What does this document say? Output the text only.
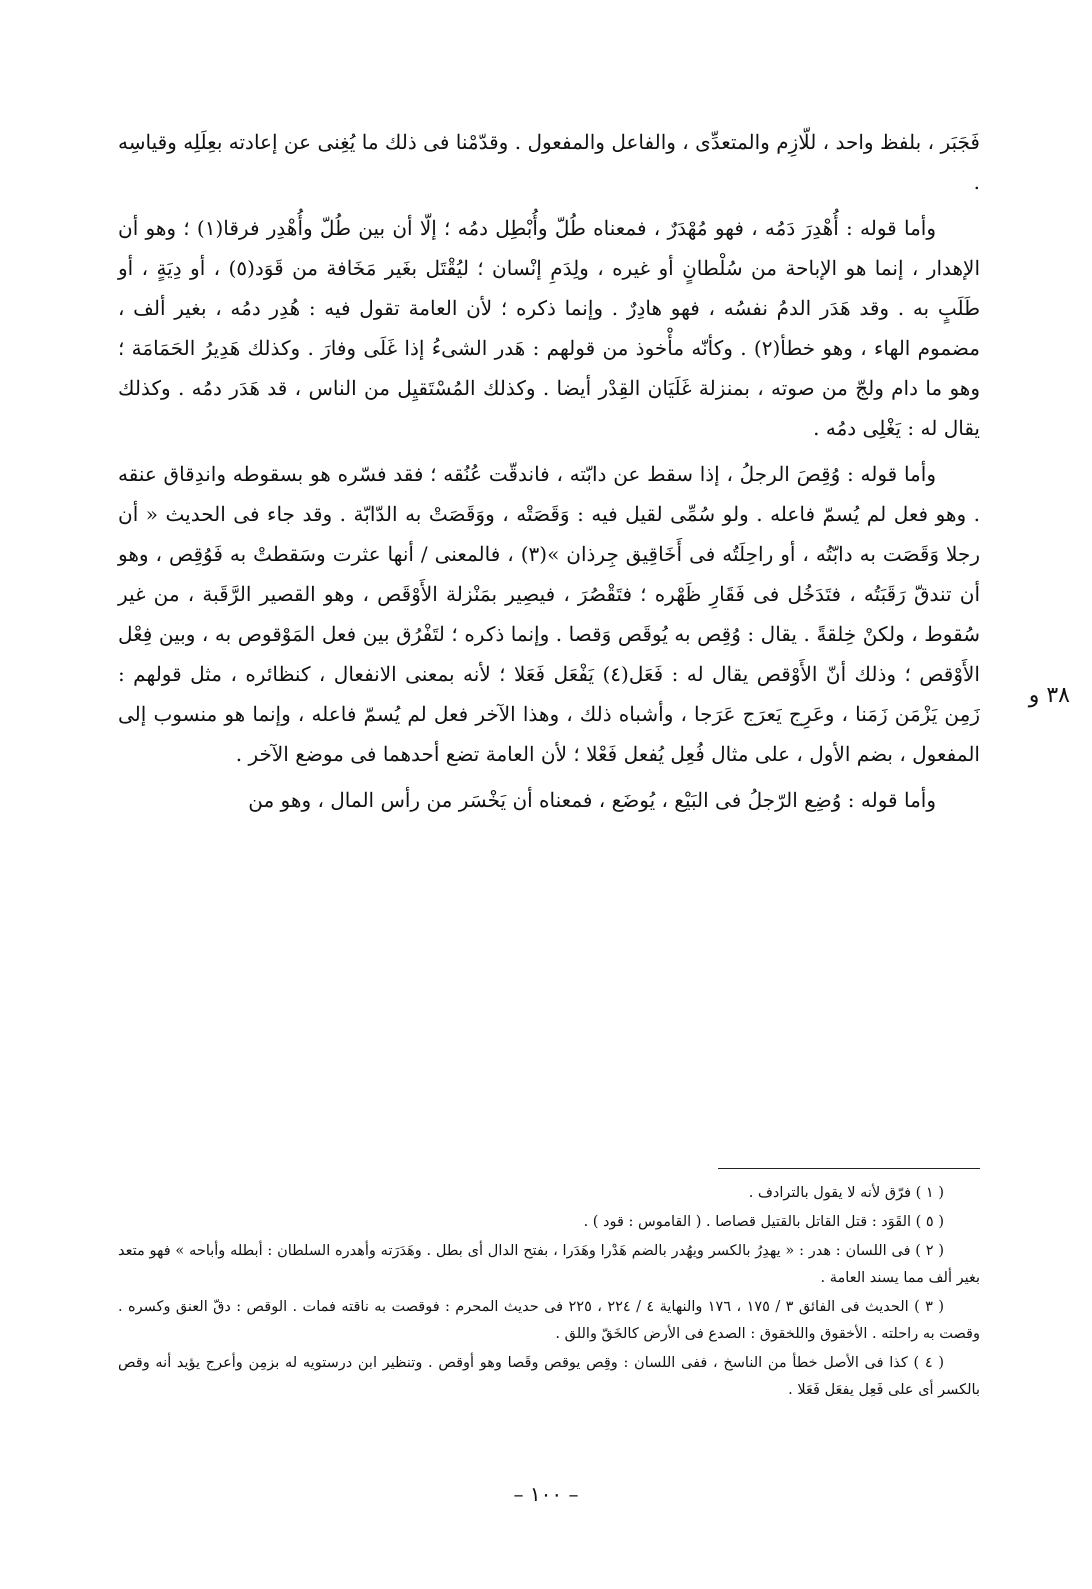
فَجَبَر ، بلفظ واحد ، للّازِم والمتعدِّى ، والفاعل والمفعول . وقدّمْنا فى ذلك ما يُغِنى عن إعادته بعِلَلِه وقياسِه .

وأما قوله : أُهْدِرَ دَمُه ، فهو مُهْدَرٌ ، فمعناه طُلّ وأُبْطِل دمُه ؛ إلّا أن بين طُلّ وأُهْدِر فرقا(١) ؛ وهو أن الإهدار ، إنما هو الإباحة من سُلْطانٍ أو غيره ، ولِدَمِ إنْسان ؛ ليُقْتَل بغَير مَخَافة من قَوَد(٥) ، أو دِيَةٍ ، أو طَلَبٍ به . وقد هَدَر الدمُ نفسُه ، فهو هادِرٌ . وإنما ذكره ؛ لأن العامة تقول فيه : هُدِر دمُه ، بغير ألف ، مضموم الهاء ، وهو خطأ(٢) . وكأنّه مأْخوذ من قولهم : هَدر الشىءُ إذا غَلَى وفارَ . وكذلك هَدِيرُ الحَمَامَة ؛ وهو ما دام ولجّ من صوته ، بمنزلة غَلَيَان القِدْر أيضا . وكذلك المُسْتَقيِل من الناس ، قد هَدَر دمُه . وكذلك يقال له : يَغْلِى دمُه .

وأما قوله : وُقِصَ الرجلُ ، إذا سقط عن دابّته ، فاندقّت عُنُقه ؛ فقد فسّره هو بسقوطه واندِقاق عنقه . وهو فعل لم يُسمّ فاعله . ولو سُمِّى لقيل فيه : وَقَصَتْه ، ووَقَصَتْ به الدّابّة . وقد جاء فى الحديث « أن رجلا وَقَصَت به دابّتُه ، أو راحِلَتُه فى أَخَاقِيق جِرذان »(٣) ، فالمعنى / أنها عثرت وسَقطتْ به فَوُقِص ، وهو أن تندقّ رَقَبَتُه ، فتَدَخُل فى فَقَارِ ظَهْره ؛ فتَقْصُرَ ، فيصِير بمَنْزلة الأَوْقَص ، وهو القصير الرَّقَبة ، من غير سُقوط ، ولكنْ خِلقةً . يقال : وُقِص به يُوقَص وَقصا . وإنما ذكره ؛ لتَفْرُق بين فعل المَوْقوص به ، وبين فِعْل الأَوْقص ؛ وذلك أنّ الأَوْقص يقال له : فَعَل(٤) يَفْعَل فَعَلا ؛ لأنه بمعنى الانفعال ، كنظائره ، مثل قولهم : زَمِن يَزْمَن زَمَنا ، وعَرِج يَعرَج عَرَجا ، وأشباه ذلك ، وهذا الآخر فعل لم يُسمّ فاعله ، وإنما هو منسوب إلى المفعول ، بضم الأول ، على مثال فُعِل يُفعل فَعْلا ؛ لأن العامة تضع أحدهما فى موضع الآخر .

وأما قوله : وُضِع الرّجلُ فى البَيْع ، يُوضَع ، فمعناه أن يَخْسَر من رأس المال ، وهو من

٣٨ و

( ١ ) فرّق لأنه لا يقول بالترادف .

( ٥ ) القَوَد : قتل القاتل بالقتيل قصاصا . ( القاموس : قود ) .

( ٢ ) فى اللسان : هدر : « يهدِرُ بالكسر ويهُدر بالضم هَدْرا وهَدَرا ، بفتح الدال أى بطل . وهَدَرَته وأهدره السلطان : أبطله وأباحه » فهو متعد بغير ألف مما يسند العامة .

( ٣ ) الحديث فى الفائق ٣ / ١٧٥ ، ١٧٦ والنهاية ٤ / ٢٢٤ ، ٢٢٥ فى حديث المحرم : فوقصت به ناقته فمات . الوقص : دقّ العنق وكسره . وقصت به راحلته . الأخقوق واللخقوق : الصدع فى الأرض كالخَقّ واللق .

( ٤ ) كذا فى الأصل خطأ من الناسخ ، ففى اللسان : وقِص يوقص وقَصا وهو أوقص . وتنظير ابن درستويه له بزمِن وأعرج يؤيد أنه وقص بالكسر أى على فَعِل يفعَل فَعَلا .

– ١٠٠ –
